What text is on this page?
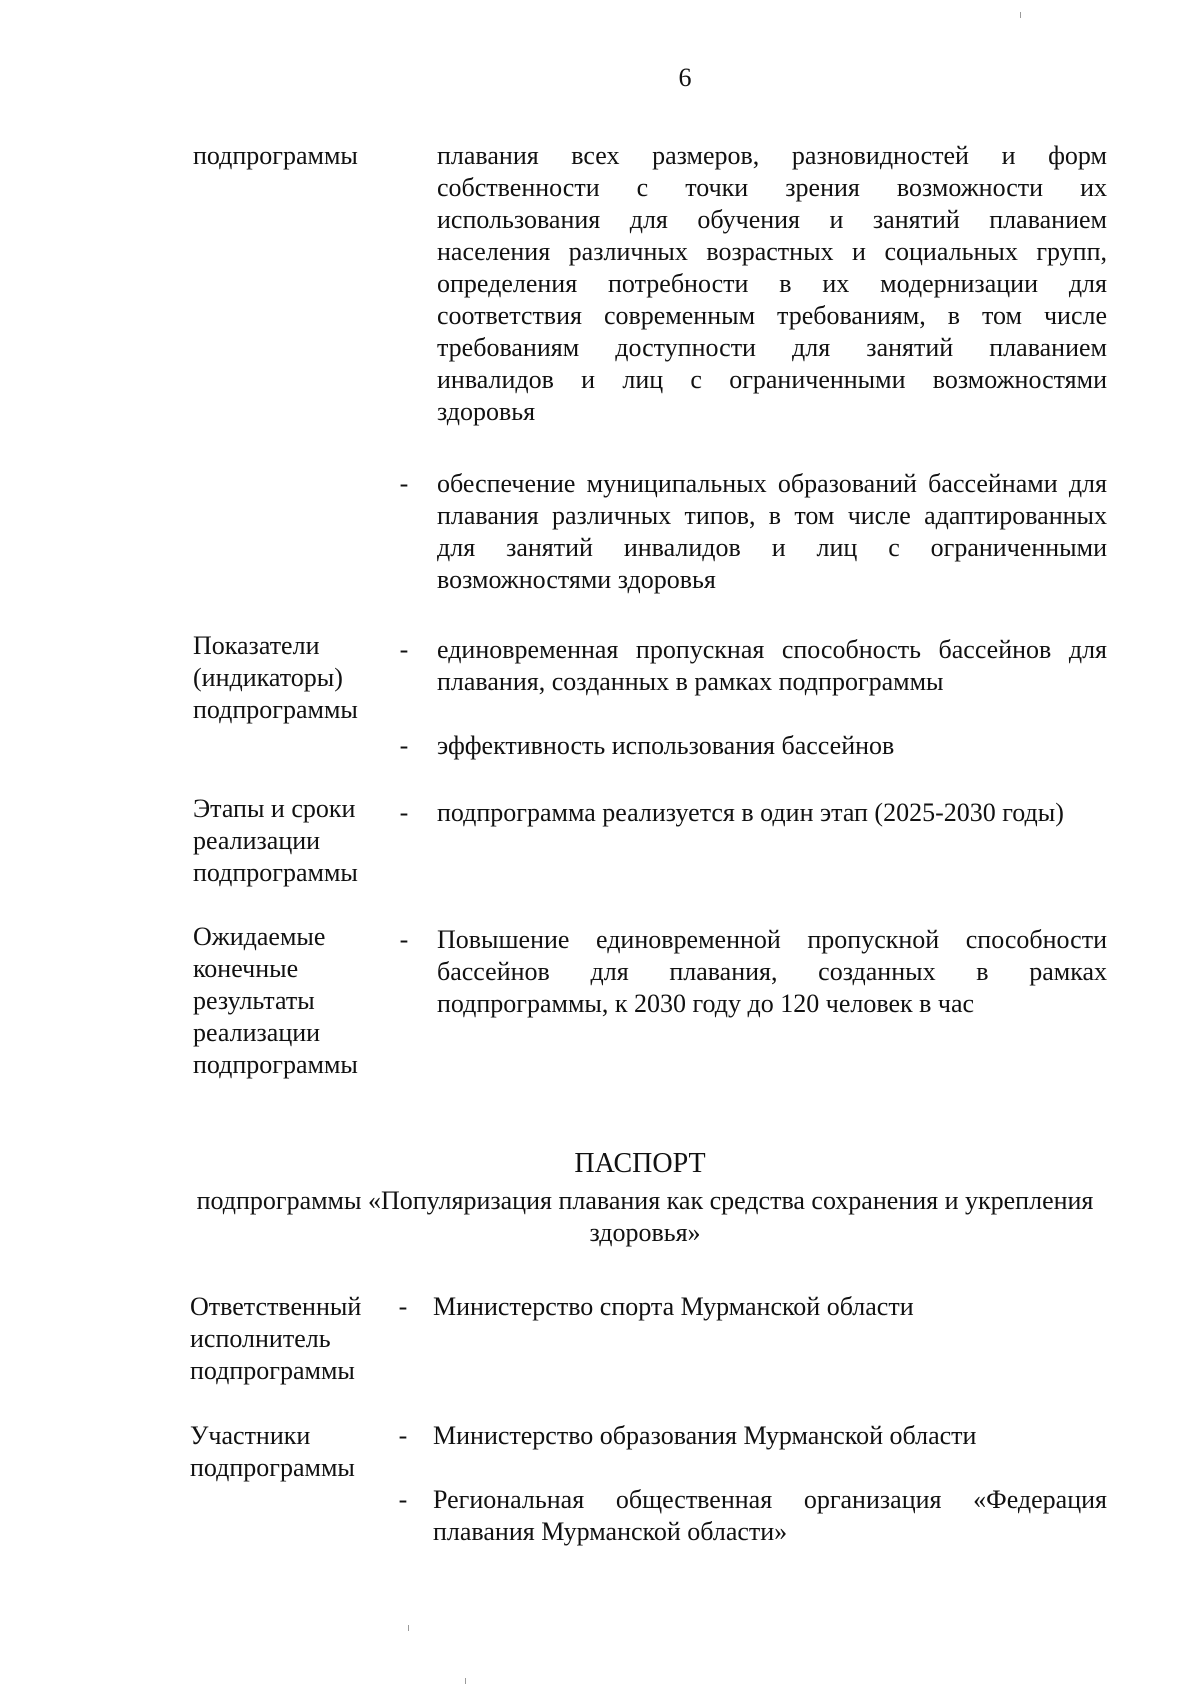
6
подпрограммы	плавания всех размеров, разновидностей и форм собственности с точки зрения возможности их использования для обучения и занятий плаванием населения различных возрастных и социальных групп, определения потребности в их модернизации для соответствия современным требованиям, в том числе требованиям доступности для занятий плаванием инвалидов и лиц с ограниченными возможностями здоровья
- обеспечение муниципальных образований бассейнами для плавания различных типов, в том числе адаптированных для занятий инвалидов и лиц с ограниченными возможностями здоровья
Показатели (индикаторы) подпрограммы
- единовременная пропускная способность бассейнов для плавания, созданных в рамках подпрограммы
- эффективность использования бассейнов
Этапы и сроки реализации подпрограммы
- подпрограмма реализуется в один этап (2025-2030 годы)
Ожидаемые конечные результаты реализации подпрограммы
- Повышение единовременной пропускной способности бассейнов для плавания, созданных в рамках подпрограммы, к 2030 году до 120 человек в час
ПАСПОРТ
подпрограммы «Популяризация плавания как средства сохранения и укрепления здоровья»
Ответственный исполнитель подпрограммы
- Министерство спорта Мурманской области
Участники подпрограммы
- Министерство образования Мурманской области
- Региональная общественная организация «Федерация плавания Мурманской области»
